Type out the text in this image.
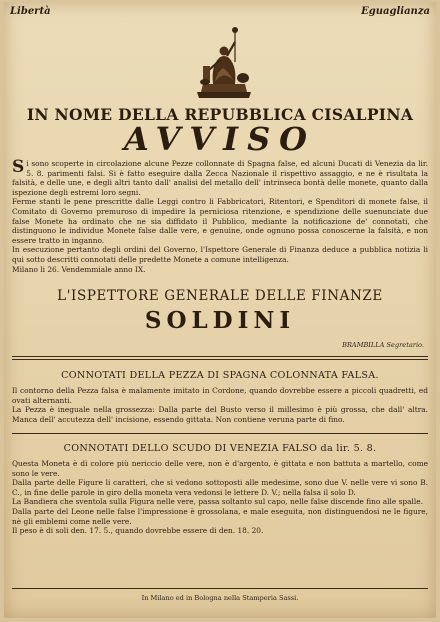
Libertà	Eguaglianza
IN NOME DELLA REPUBBLICA CISALPINA
AVVISO

Si sono scoperte in circolazione alcune Pezze collonnate di Spagna false, ed alcuni Ducati di Venezia da lir. 5. 8. parimenti falsi. Si è fatto eseguire dalla Zecca Nazionale il rispettivo assaggio, e ne è risultata la falsità, e delle une, e degli altri tanto dall' analisi del metallo dell' intrinseca bontà delle monete, quanto dalla ispezione degli estremi loro segni.

Ferme stanti le pene prescritte dalle Leggi contro li Fabbricatori, Ritentori, e Spenditori di monete false, il Comitato di Governo premuroso di impedire la perniciosa ritenzione, e spendizione delle suenunciate due false Monete ha ordinato che ne sia diffidato il Pubblico, mediante la notificazione de' connotati, che distinguono le individue Monete false dalle vere, e genuine, onde ognuno possa conoscerne la falsità, e non essere tratto in inganno.

In esecuzione pertanto degli ordini del Governo, l'Ispettore Generale di Finanza deduce a pubblica notizia li qui sotto descritti connotati delle predette Monete a comune intelligenza.

Milano li 26. Vendemmiale anno IX.

L'ISPETTORE GENERALE DELLE FINANZE
SOLDINI
BRAMBILLA Segretario.
CONNOTATI DELLA PEZZA DI SPAGNA COLONNATA FALSA.

Il contorno della Pezza falsa è malamente imitato in Cordone, quando dovrebbe essere a piccoli quadretti, ed ovati alternanti.

La Pezza è ineguale nella grossezza: Dalla parte del Busto verso il millesimo è più grossa, che dall' altra. Manca dell' accutezza dell' incisione, essendo gittata. Non contiene veruna parte di fino.

CONNOTATI DELLO SCUDO DI VENEZIA FALSO da lir. 5. 8.

Questa Moneta è di colore più nericcio delle vere, non è d'argento, è gittata e non battuta a martello, come sono le vere.

Dalla parte delle Figure li caratteri, che si vedono sottoposti alle medesime, sono due V. nelle vere vi sono B. C., in fine delle parole in giro della moneta vera vedonsi le lettere D. V.; nella falsa il solo D.

La Bandiera che sventola sulla Figura nelle vere, passa soltanto sul capo, nelle false discende fino alle spalle.

Dalla parte del Leone nelle false l'impressione è grossolana, e male eseguita, non distinguendosi ne le figure, nè gli emblemi come nelle vere.

Il peso è di soli den. 17. 5., quando dovrebbe essere di den. 18. 20.

In Milano ed in Bologna nella Stamperia Sassi.
